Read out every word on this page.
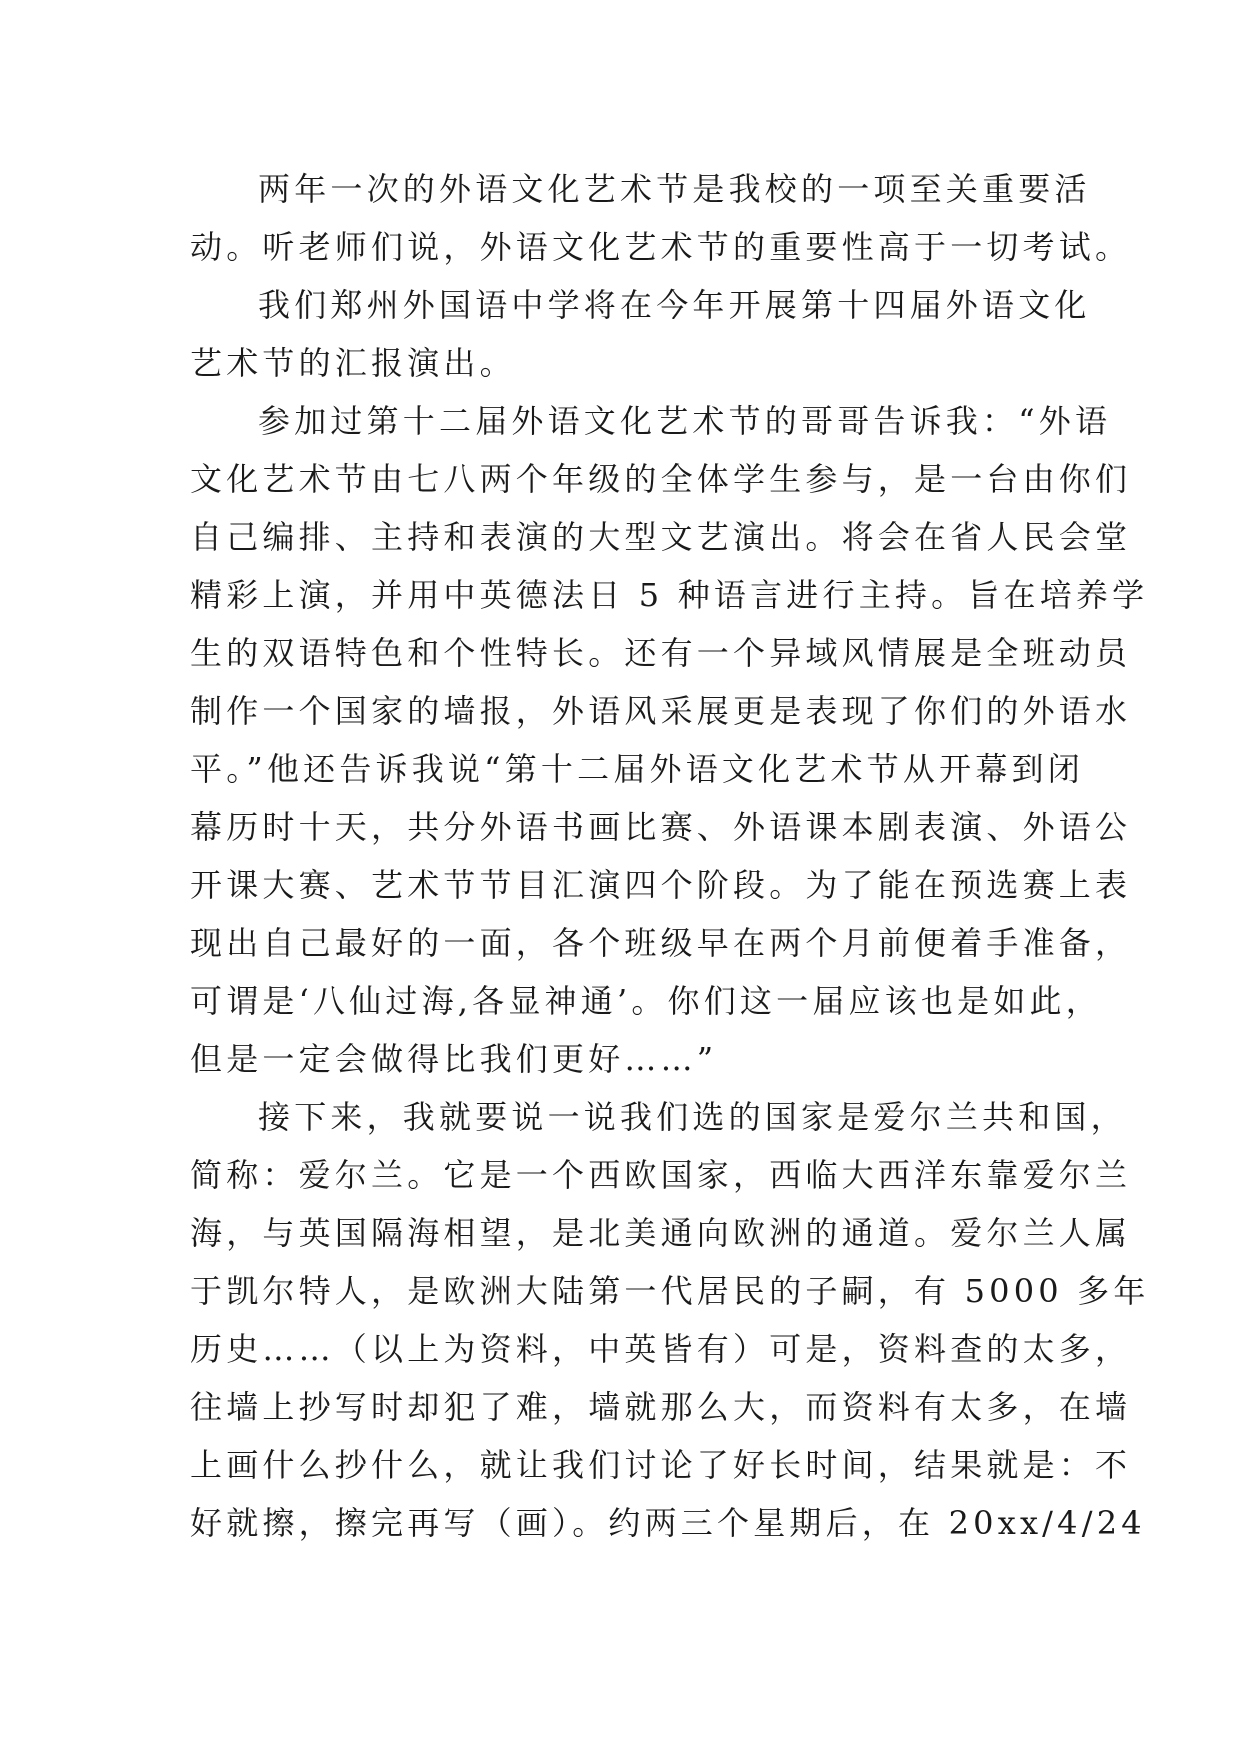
两年一次的外语文化艺术节是我校的一项至关重要活
动。听老师们说，外语文化艺术节的重要性高于一切考试。
我们郑州外国语中学将在今年开展第十四届外语文化
艺术节的汇报演出。
参加过第十二届外语文化艺术节的哥哥告诉我：“外语
文化艺术节由七八两个年级的全体学生参与，是一台由你们
自己编排、主持和表演的大型文艺演出。将会在省人民会堂
精彩上演，并用中英德法日 5 种语言进行主持。旨在培养学
生的双语特色和个性特长。还有一个异域风情展是全班动员
制作一个国家的墙报，外语风采展更是表现了你们的外语水
平。”他还告诉我说“第十二届外语文化艺术节从开幕到闭
幕历时十天，共分外语书画比赛、外语课本剧表演、外语公
开课大赛、艺术节节目汇演四个阶段。为了能在预选赛上表
现出自己最好的一面，各个班级早在两个月前便着手准备，
可谓是‘八仙过海,各显神通’。你们这一届应该也是如此，
但是一定会做得比我们更好……”
接下来，我就要说一说我们选的国家是爱尔兰共和国，
简称：爱尔兰。它是一个西欧国家，西临大西洋东靠爱尔兰
海，与英国隔海相望，是北美通向欧洲的通道。爱尔兰人属
于凯尔特人，是欧洲大陆第一代居民的子嗣，有 5000 多年
历史……（以上为资料，中英皆有）可是，资料查的太多，
往墙上抄写时却犯了难，墙就那么大，而资料有太多，在墙
上画什么抄什么，就让我们讨论了好长时间，结果就是：不
好就擦，擦完再写（画）。约两三个星期后，在 20xx/4/24
